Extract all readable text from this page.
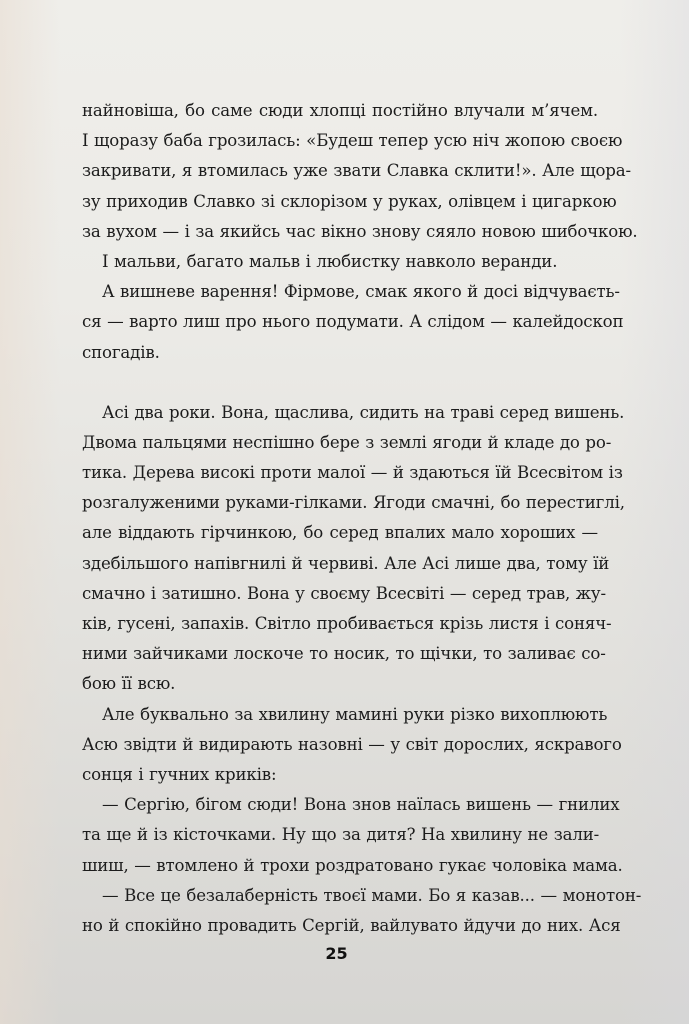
найновіша, бо саме сюди хлопці постійно влучали м’ячем.
І щоразу баба грозилась: «Будеш тепер усю ніч жопою своєю
закривати, я втомилась уже звати Славка склити!». Але щора-
зу приходив Славко зі склорізом у руках, олівцем і цигаркою
за вухом — і за якийсь час вікно знову сяяло новою шибочкою.
І мальви, багато мальв і любистку навколо веранди.
А вишневе варення! Фірмове, смак якого й досі відчуваєть-
ся — варто лиш про нього подумати. А слідом — калейдоскоп
спогадів.
Асі два роки. Вона, щаслива, сидить на траві серед вишень.
Двома пальцями неспішно бере з землі ягоди й кладе до ро-
тика. Дерева високі проти малої — й здаються їй Всесвітом із
розгалуженими руками-гілками. Ягоди смачні, бо перестиглі,
але віддають гірчинкою, бо серед впалих мало хороших —
здебільшого напівгнилі й червиві. Але Асі лише два, тому їй
смачно і затишно. Вона у своєму Всесвіті — серед трав, жу-
ків, гусені, запахів. Світло пробивається крізь листя і соняч-
ними зайчиками лоскоче то носик, то щічки, то заливає со-
бою її всю.
Але буквально за хвилину мамині руки різко вихоплюють
Асю звідти й видирають назовні — у світ дорослих, яскравого
сонця і гучних криків:
— Сергію, бігом сюди! Вона знов наїлась вишень — гнилих
та ще й із кісточками. Ну що за дитя? На хвилину не зали-
шиш, — втомлено й трохи роздратовано гукає чоловіка мама.
— Все це безалаберність твоєї мами. Бо я казав... — монотон-
но й спокійно провадить Сергій, вайлувато йдучи до них. Ася
25
